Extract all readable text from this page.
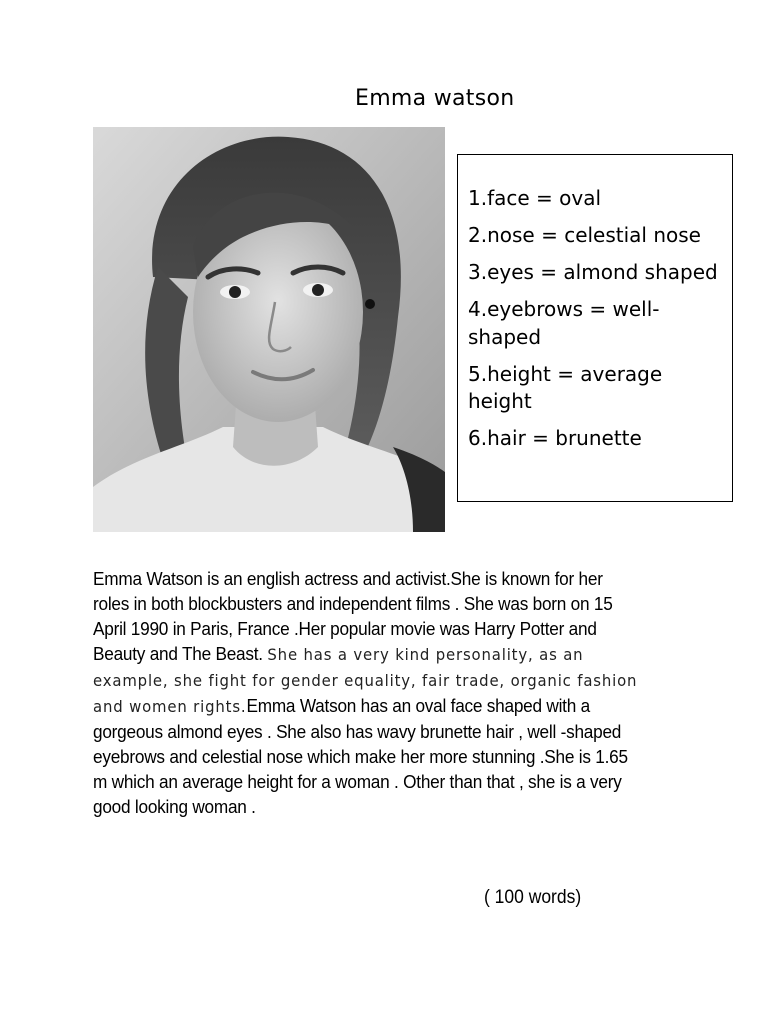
Emma watson
1.face = oval
2.nose = celestial nose
3.eyes = almond shaped
4.eyebrows = well-shaped
5.height = average height
6.hair = brunette

Emma Watson is an english actress and activist.She is known for her roles in both blockbusters and independent films . She was born on 15 April 1990 in Paris, France .Her popular movie was Harry Potter and Beauty and The Beast. She has a very kind personality, as an example, she fight for gender equality, fair trade, organic fashion and women rights.Emma Watson has an oval face shaped with a gorgeous almond eyes . She also has wavy brunette hair , well -shaped eyebrows and celestial nose which make her more stunning .She is 1.65 m which an average height for a woman . Other than that , she is a very good looking woman .

( 100 words)
